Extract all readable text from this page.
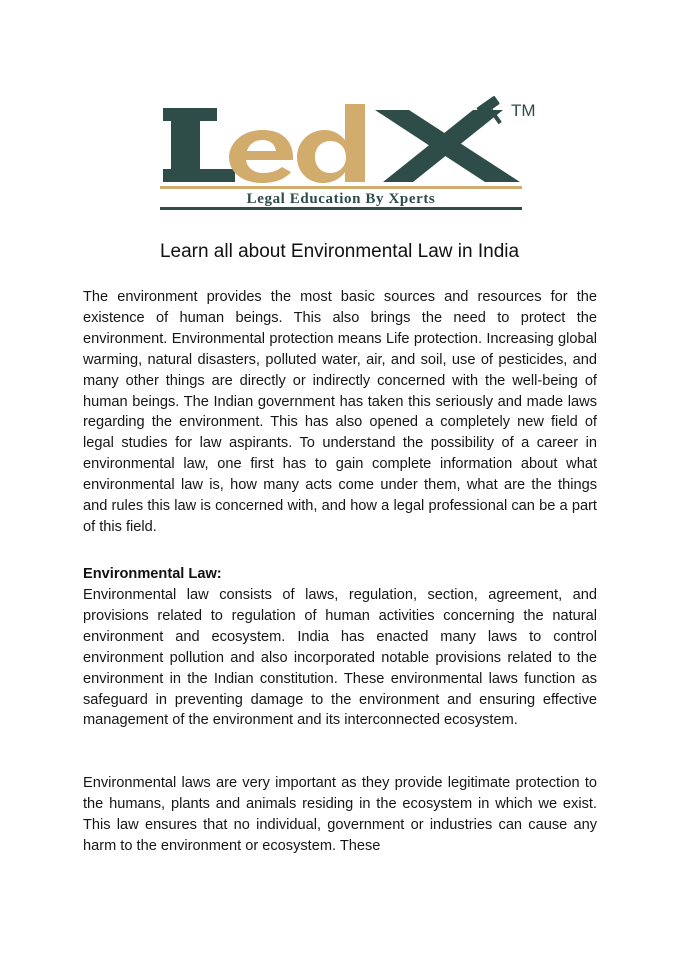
TM
Legal Education By Xperts
Learn all about Environmental Law in India

The environment provides the most basic sources and resources for the existence of human beings. This also brings the need to protect the environment. Environmental protection means Life protection. Increasing global warming, natural disasters, polluted water, air, and soil, use of pesticides, and many other things are directly or indirectly concerned with the well-being of human beings. The Indian government has taken this seriously and made laws regarding the environment. This has also opened a completely new field of legal studies for law aspirants. To understand the possibility of a career in environmental law, one first has to gain complete information about what environmental law is, how many acts come under them, what are the things and rules this law is concerned with, and how a legal professional can be a part of this field.

Environmental Law:

Environmental law consists of laws, regulation, section, agreement, and provisions related to regulation of human activities concerning the natural environment and ecosystem. India has enacted many laws to control environment pollution and also incorporated notable provisions related to the environment in the Indian constitution. These environmental laws function as safeguard in preventing damage to the environment and ensuring effective management of the environment and its interconnected ecosystem.

Environmental laws are very important as they provide legitimate protection to the humans, plants and animals residing in the ecosystem in which we exist. This law ensures that no individual, government or industries can cause any harm to the environment or ecosystem. These
